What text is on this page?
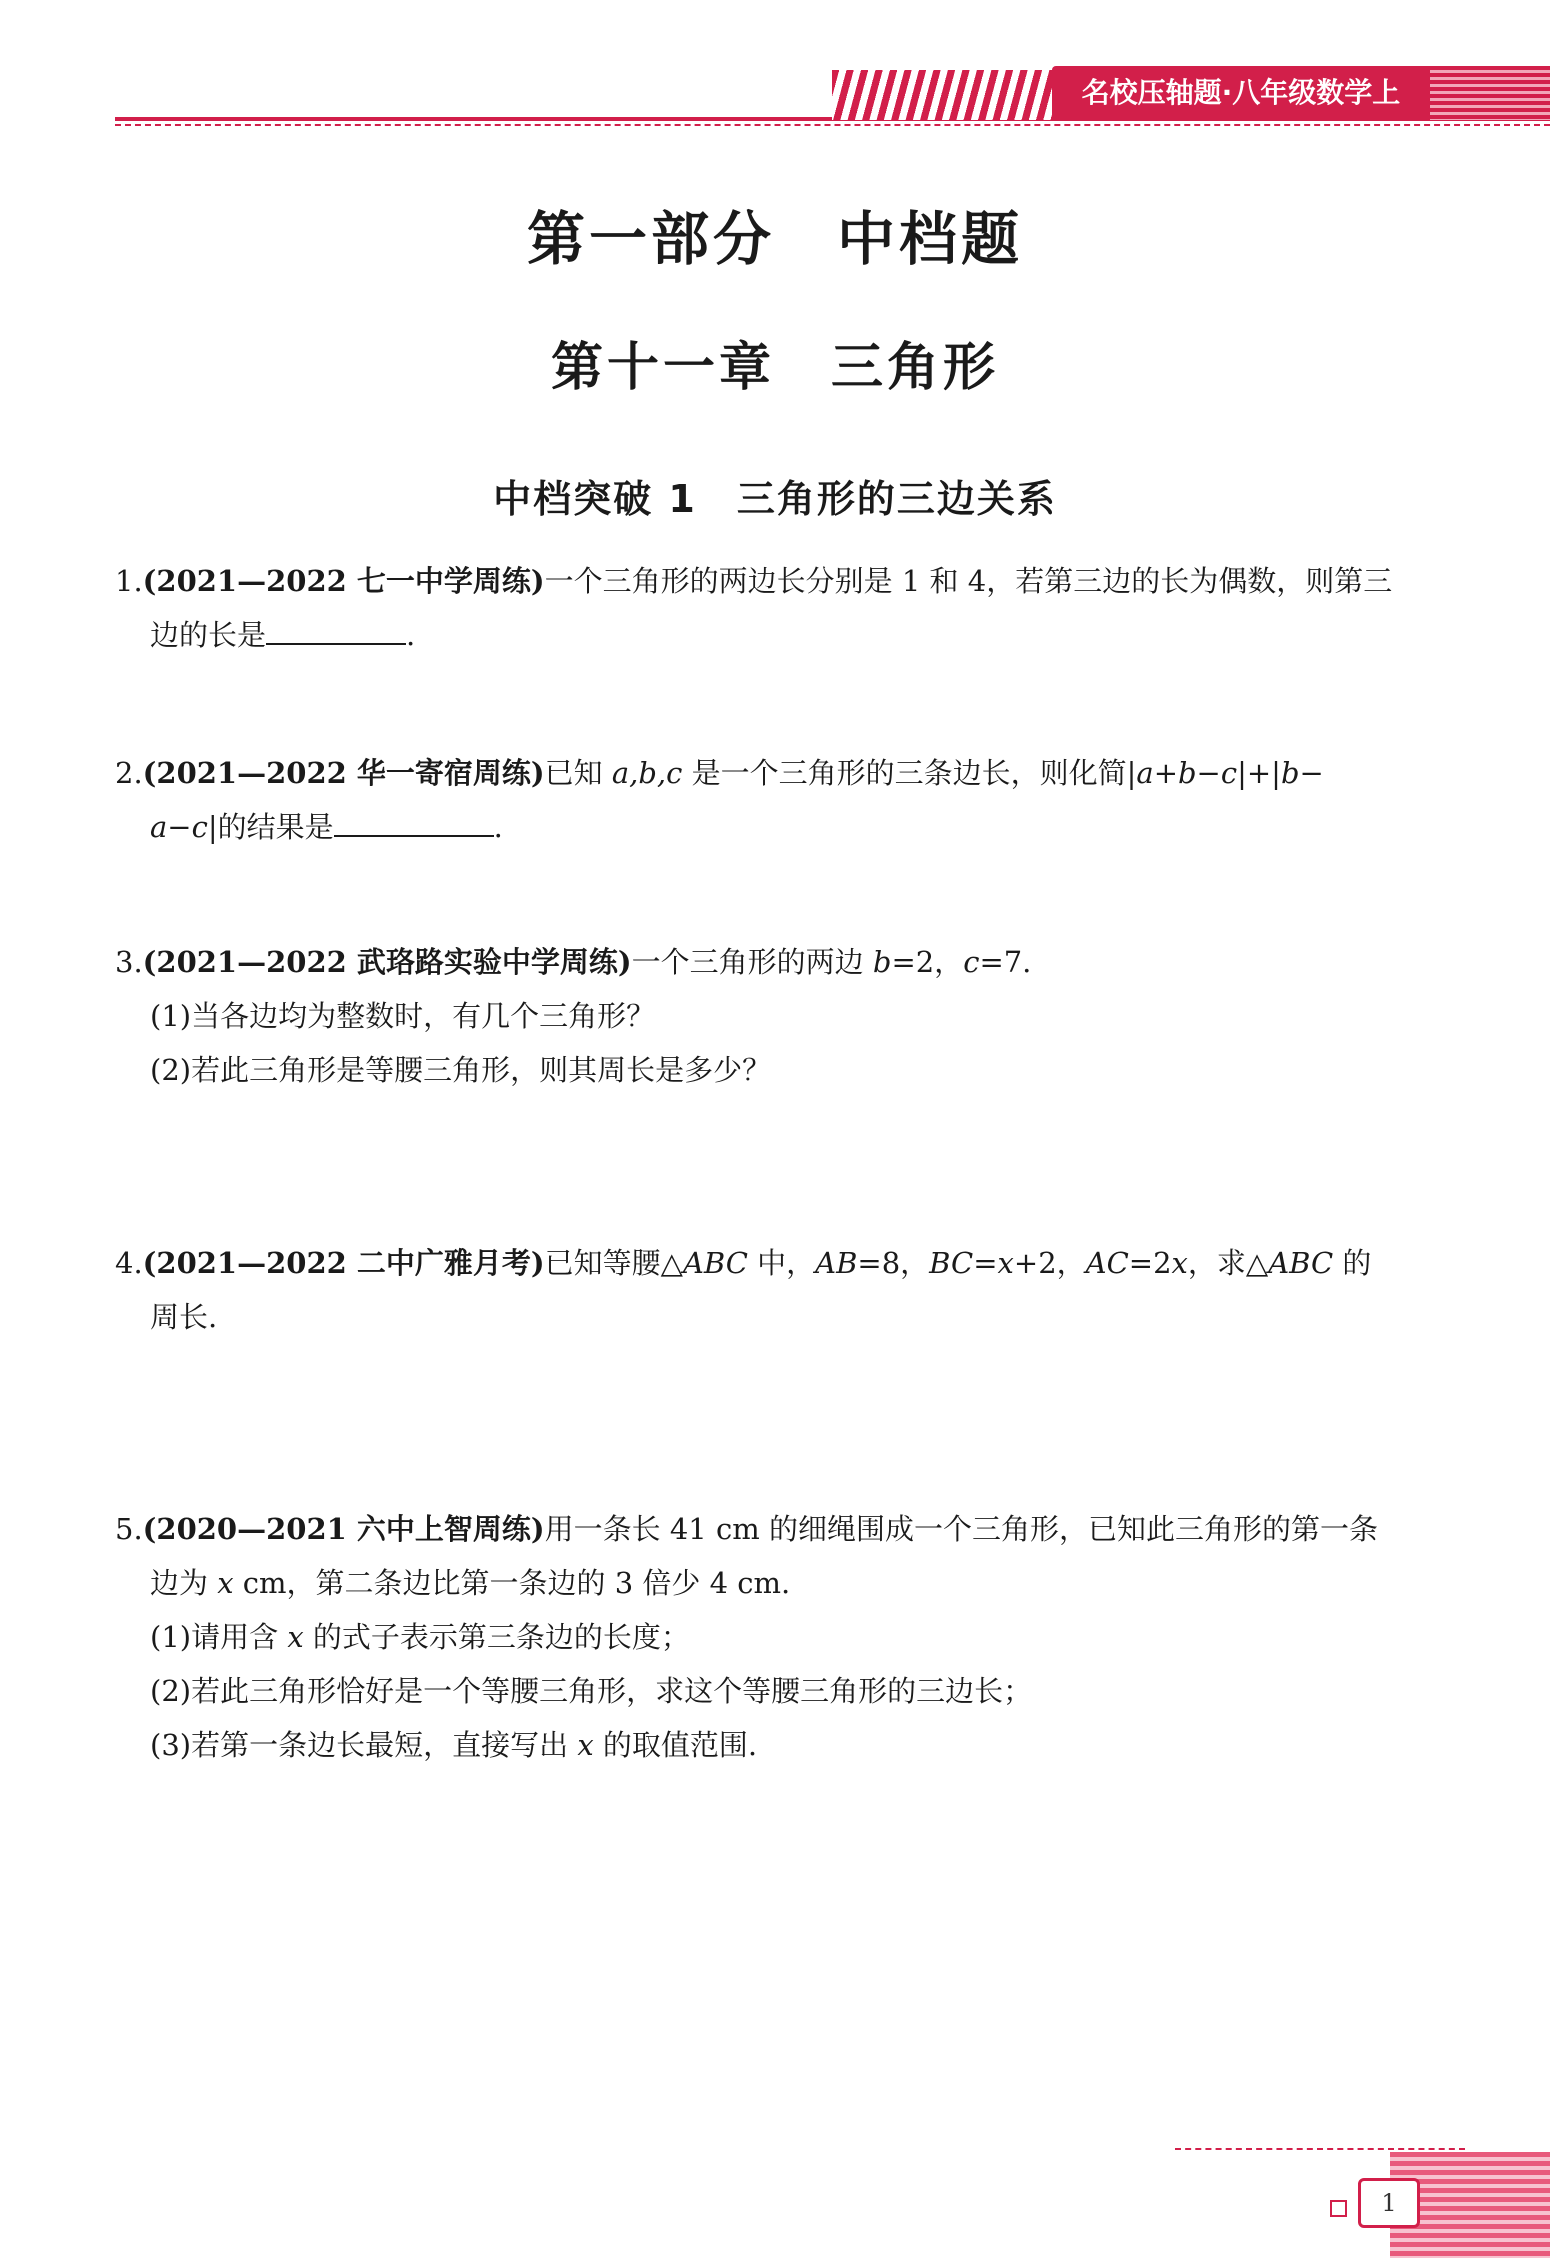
名校压轴题·八年级数学上
第一部分　中档题
第十一章　三角形
中档突破 1　三角形的三边关系

1.(2021—2022 七一中学周练)一个三角形的两边长分别是 1 和 4，若第三边的长为偶数，则第三

边的长是	.

2.(2021—2022 华一寄宿周练)已知 a,b,c 是一个三角形的三条边长，则化简|a+b−c|+|b−

a−c|的结果是	.

3.(2021—2022 武珞路实验中学周练)一个三角形的两边 b=2，c=7.

(1)当各边均为整数时，有几个三角形？

(2)若此三角形是等腰三角形，则其周长是多少？

4.(2021—2022 二中广雅月考)已知等腰△ABC 中，AB=8，BC=x+2，AC=2x，求△ABC 的

周长.

5.(2020—2021 六中上智周练)用一条长 41 cm 的细绳围成一个三角形，已知此三角形的第一条

边为 x cm，第二条边比第一条边的 3 倍少 4 cm.

(1)请用含 x 的式子表示第三条边的长度；

(2)若此三角形恰好是一个等腰三角形，求这个等腰三角形的三边长；

(3)若第一条边长最短，直接写出 x 的取值范围.

1
